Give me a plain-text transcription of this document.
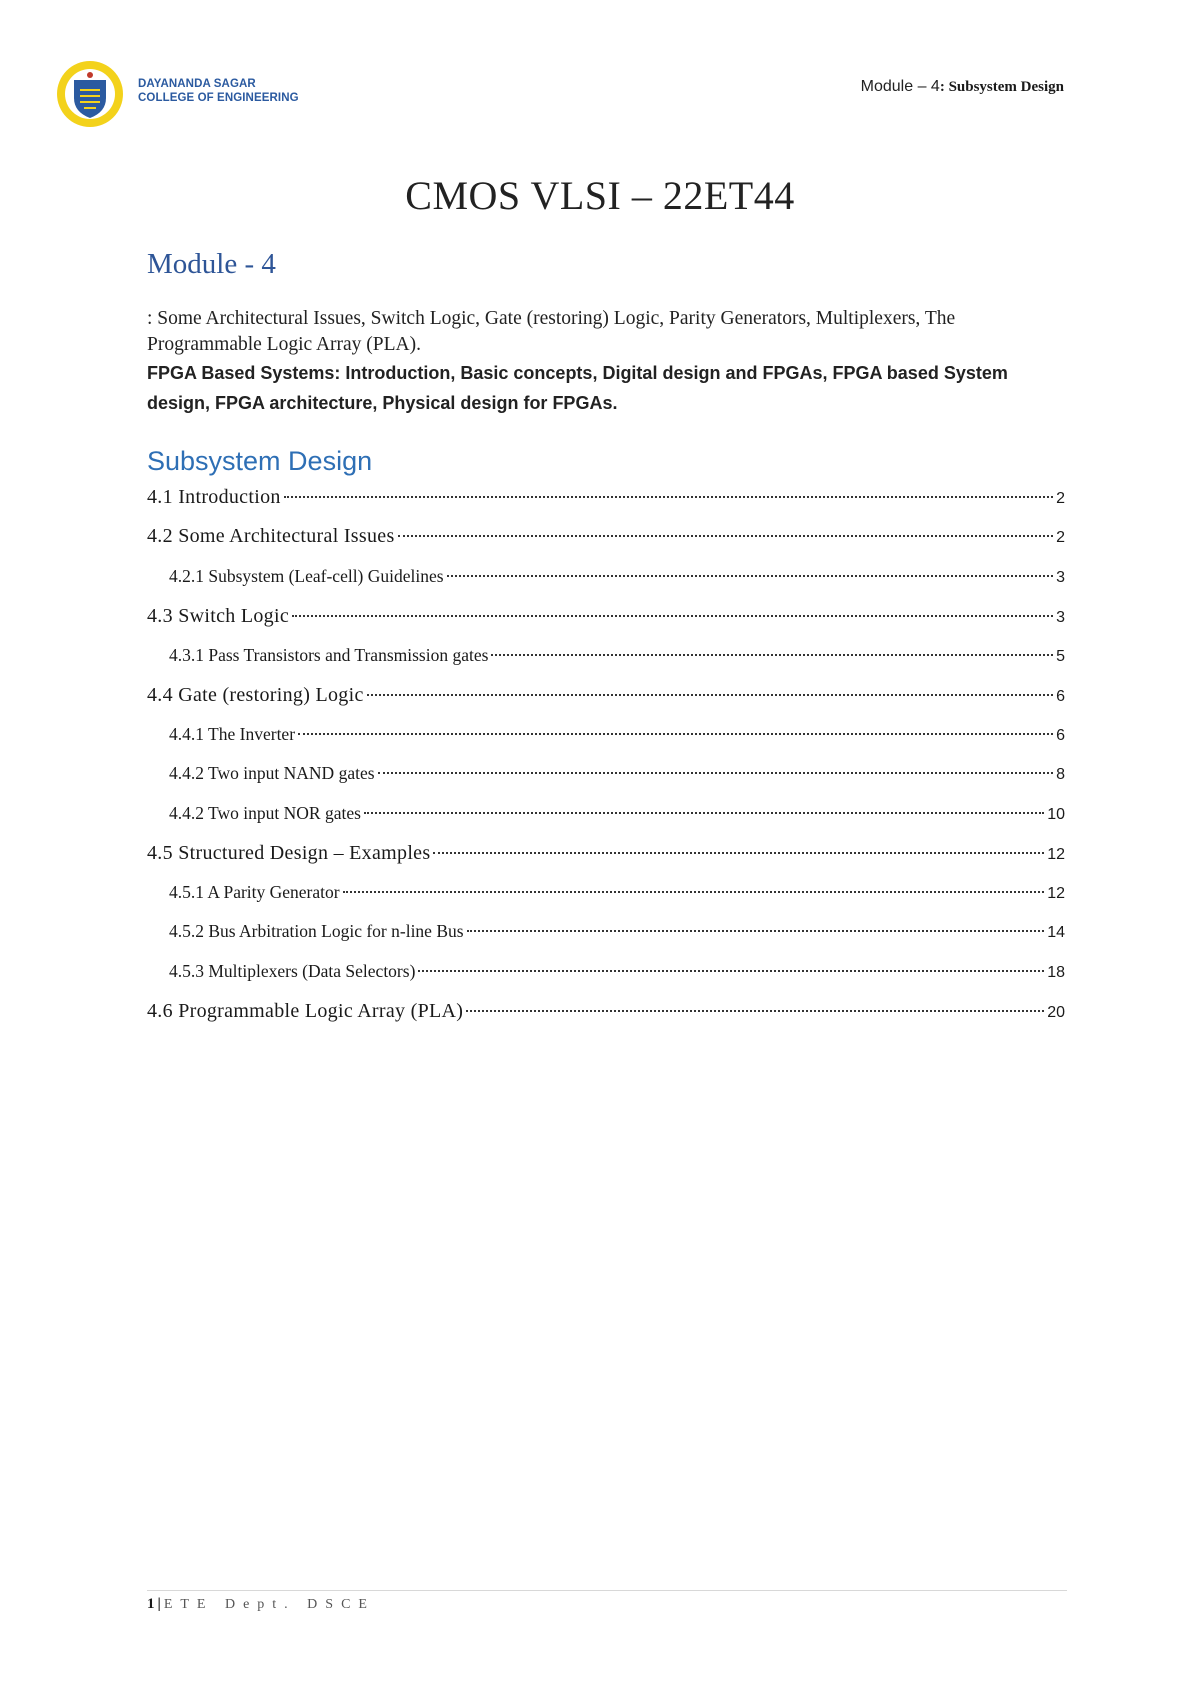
DAYANANDA SAGAR
COLLEGE OF ENGINEERING
Module – 4: Subsystem Design
CMOS VLSI – 22ET44
Module - 4
: Some Architectural Issues, Switch Logic, Gate (restoring) Logic, Parity Generators, Multiplexers, The Programmable Logic Array (PLA).
FPGA Based Systems: Introduction, Basic concepts, Digital design and FPGAs, FPGA based System design, FPGA architecture, Physical design for FPGAs.
Subsystem Design
4.1 Introduction	2
4.2 Some Architectural Issues	2
4.2.1 Subsystem (Leaf-cell) Guidelines	3
4.3 Switch Logic	3
4.3.1 Pass Transistors and Transmission gates	5
4.4 Gate (restoring) Logic	6
4.4.1 The Inverter	6
4.4.2 Two input NAND gates	8
4.4.2 Two input NOR gates	10
4.5 Structured Design – Examples	12
4.5.1 A Parity Generator	12
4.5.2 Bus Arbitration Logic for n-line Bus	14
4.5.3 Multiplexers (Data Selectors)	18
4.6 Programmable Logic Array (PLA)	20
1 | ETE Dept. DSCE
